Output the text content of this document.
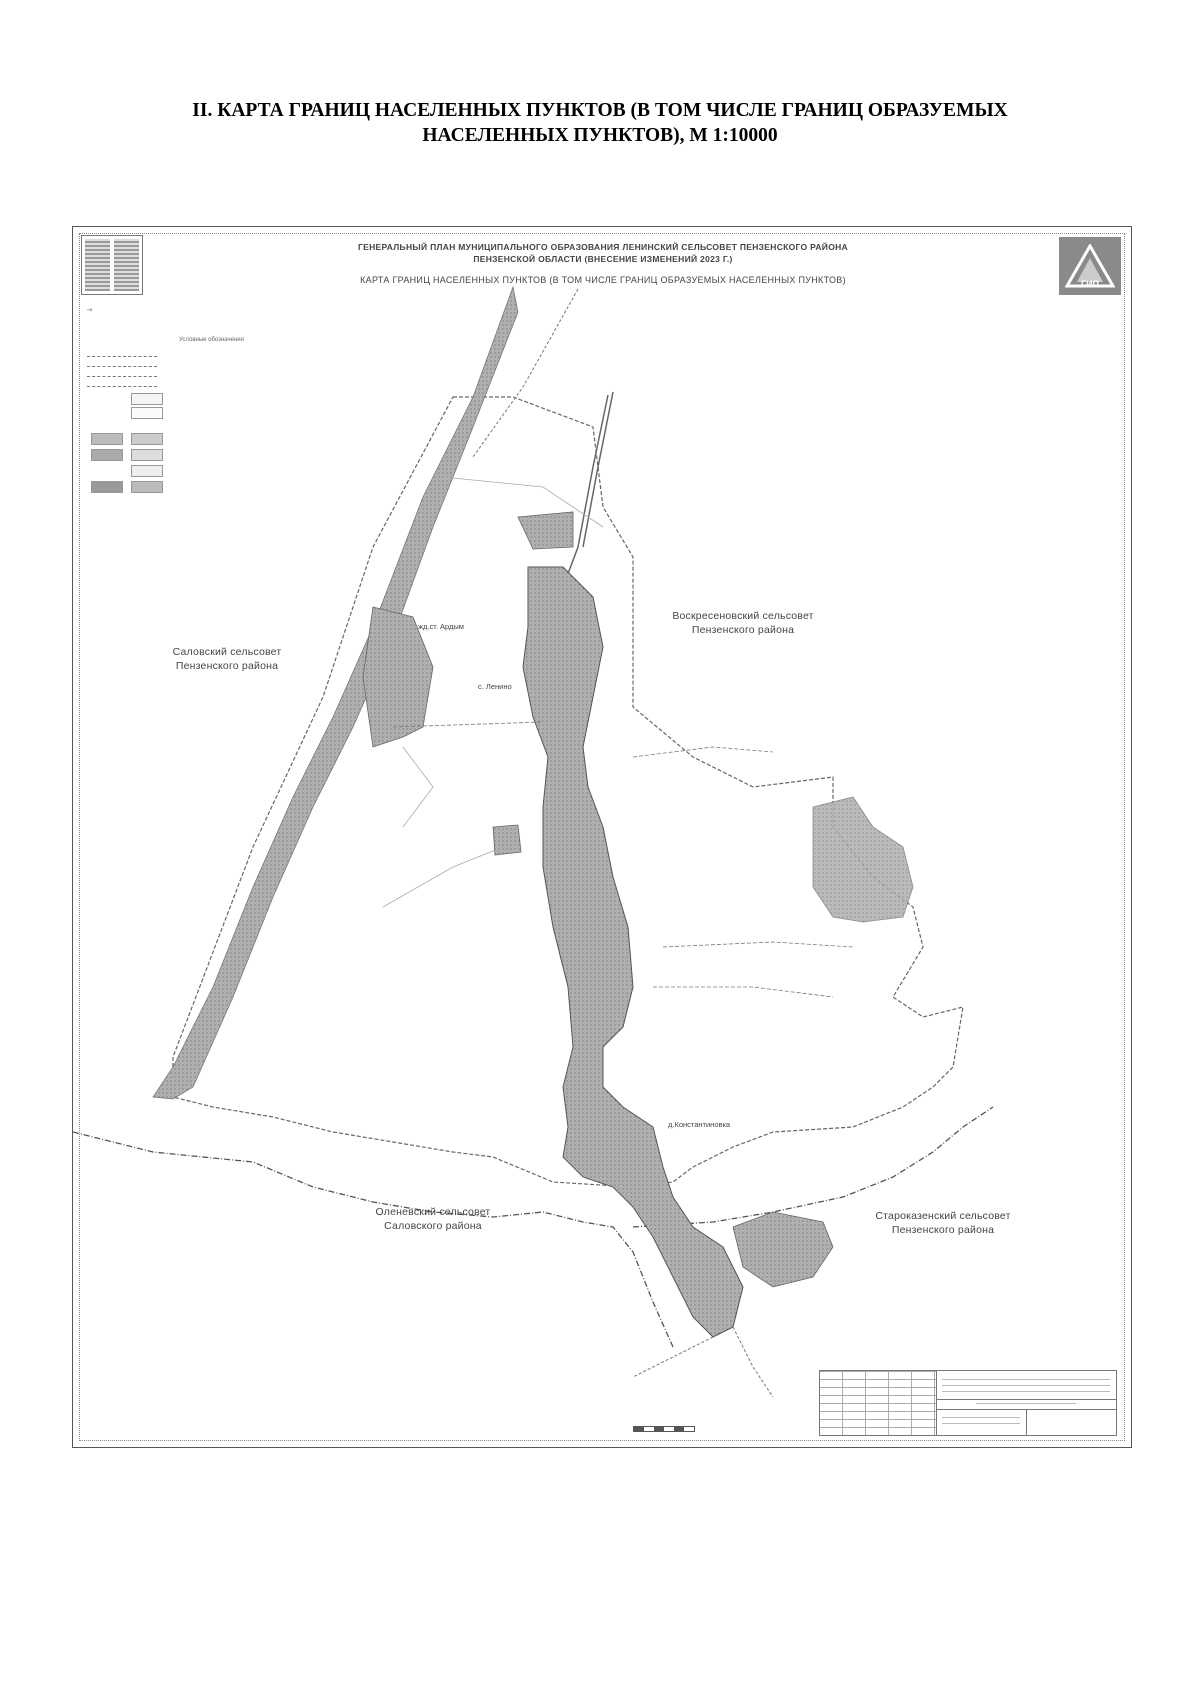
II. КАРТА ГРАНИЦ НАСЕЛЕННЫХ ПУНКТОВ (В ТОМ ЧИСЛЕ ГРАНИЦ ОБРАЗУЕМЫХ
НАСЕЛЕННЫХ ПУНКТОВ), М 1:10000
ГЕНЕРАЛЬНЫЙ ПЛАН МУНИЦИПАЛЬНОГО ОБРАЗОВАНИЯ ЛЕНИНСКИЙ СЕЛЬСОВЕТ ПЕНЗЕНСКОГО РАЙОНА
ПЕНЗЕНСКОЙ ОБЛАСТИ (ВНЕСЕНИЕ ИЗМЕНЕНИЙ 2023 Г.)
КАРТА ГРАНИЦ НАСЕЛЕННЫХ ПУНКТОВ (В ТОМ ЧИСЛЕ ГРАНИЦ ОБРАЗУЕМЫХ НАСЕЛЕННЫХ ПУНКТОВ)	ГИП
↑
Условные обозначения
Саловский сельсовет
Пензенского района
Воскресеновский сельсовет
Пензенского района
Оленевский сельсовет
Саловского района
Староказенский сельсовет
Пензенского района
жд.ст. Ардым
с. Ленино
д.Константиновка
